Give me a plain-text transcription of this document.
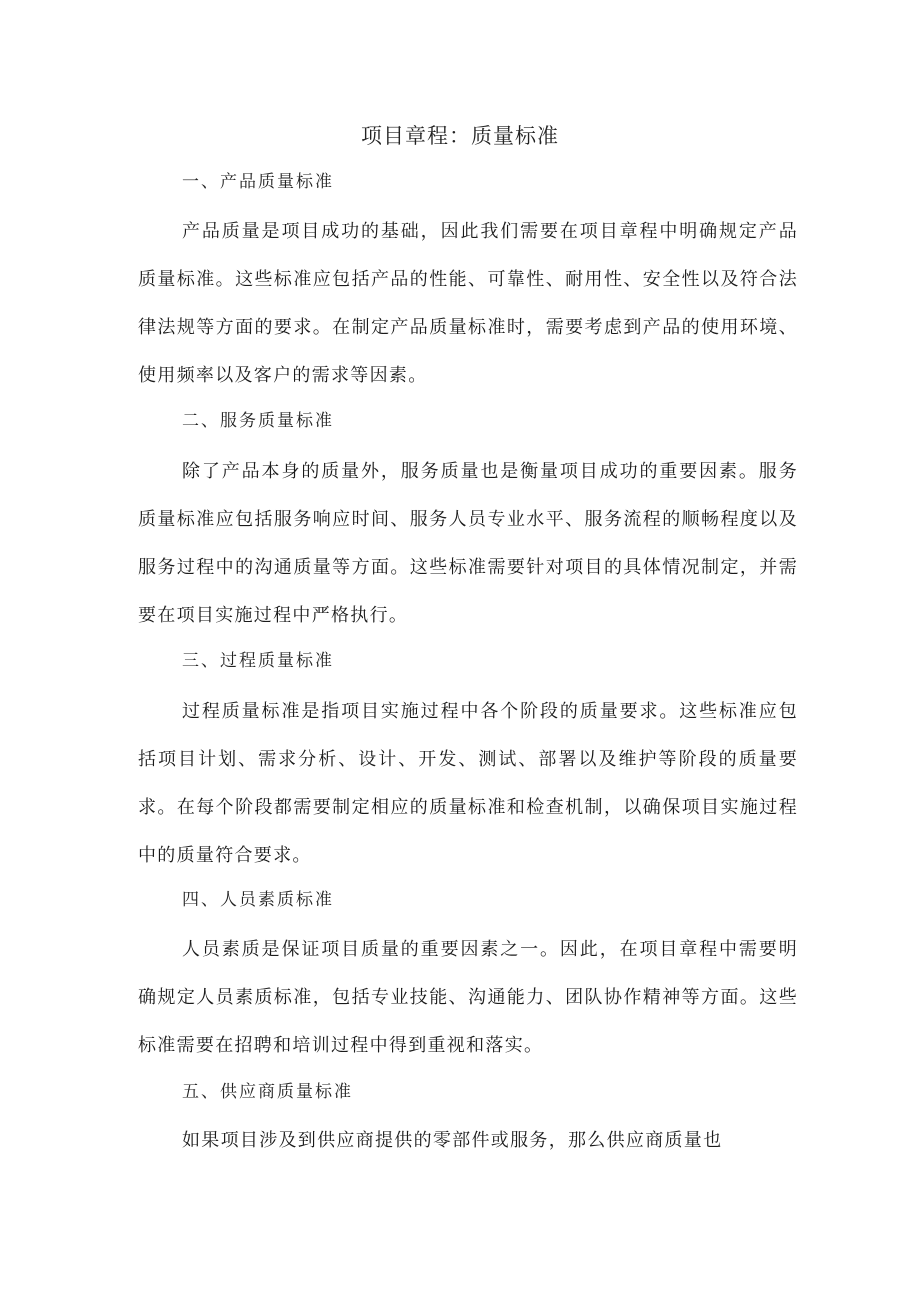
项目章程：质量标准
一、产品质量标准
产品质量是项目成功的基础，因此我们需要在项目章程中明确规定产品质量标准。这些标准应包括产品的性能、可靠性、耐用性、安全性以及符合法律法规等方面的要求。在制定产品质量标准时，需要考虑到产品的使用环境、使用频率以及客户的需求等因素。
二、服务质量标准
除了产品本身的质量外，服务质量也是衡量项目成功的重要因素。服务质量标准应包括服务响应时间、服务人员专业水平、服务流程的顺畅程度以及服务过程中的沟通质量等方面。这些标准需要针对项目的具体情况制定，并需要在项目实施过程中严格执行。
三、过程质量标准
过程质量标准是指项目实施过程中各个阶段的质量要求。这些标准应包括项目计划、需求分析、设计、开发、测试、部署以及维护等阶段的质量要求。在每个阶段都需要制定相应的质量标准和检查机制，以确保项目实施过程中的质量符合要求。
四、人员素质标准
人员素质是保证项目质量的重要因素之一。因此，在项目章程中需要明确规定人员素质标准，包括专业技能、沟通能力、团队协作精神等方面。这些标准需要在招聘和培训过程中得到重视和落实。
五、供应商质量标准
如果项目涉及到供应商提供的零部件或服务，那么供应商质量也
